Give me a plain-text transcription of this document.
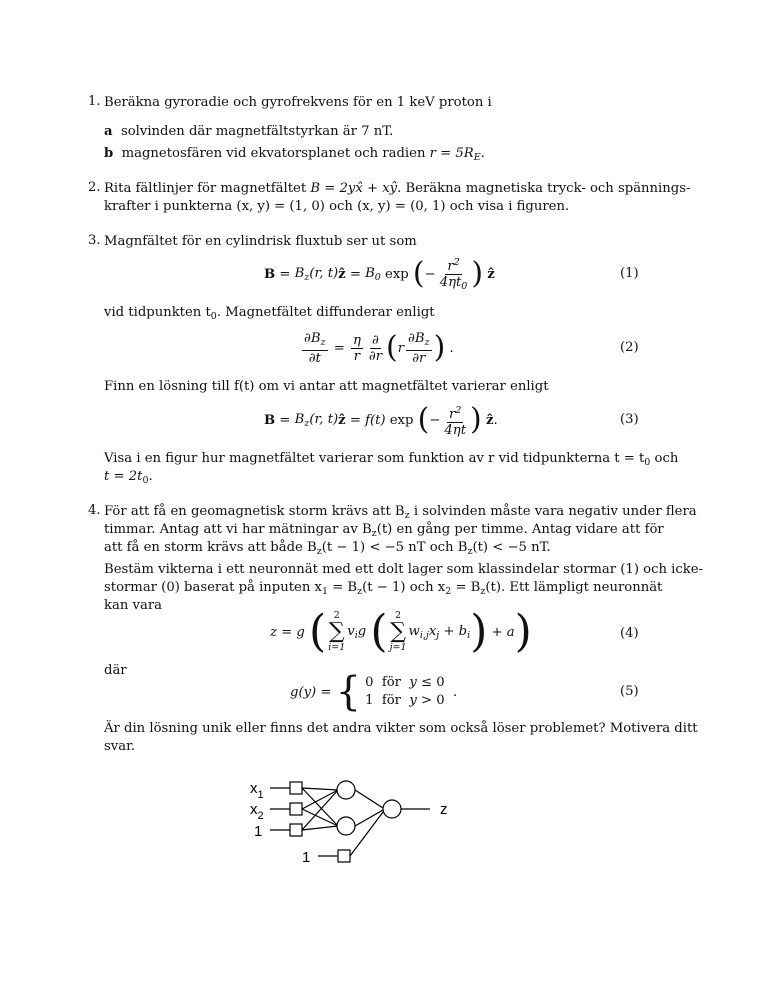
1. Beräkna gyroradie och gyrofrekvens för en 1 keV proton i
a solvinden där magnetfältstyrkan är 7 nT.
b magnetosfären vid ekvatorsplanet och radien $r = 5R_E$.
2. Rita fältlinjer för magnetfältet B = 2yx̂ + xŷ. Beräkna magnetiska tryck- och spännings-
krafter i punkterna (x, y) = (1, 0) och (x, y) = (0, 1) och visa i figuren.
3. Magnfältet för en cylindrisk fluxtub ser ut som
$B = B_z(r$, t) ẑ = $B_0$ exp ( − $\frac{r^2}{4\eta t_0}$ )
ẑ	(1)
vid tidpunkten $t_0$. Magnetfältet diffunderar enligt
$\frac{\partial B_z}{\partial t} = \frac{\eta}{r} \frac{\partial}{\partial r}$ ( r $\frac{\partial B_z}{\partial r}$ ) .	(2)
Finn en lösning till f(t) om vi antar att magnetfältet varierar enligt
$B = B_z(r$, t) ẑ = f(t) exp ( − $\frac{r^2}{4\eta t}$ )
ẑ .	(3)
Visa i en figur hur magnetfältet varierar som funktion av r vid tidpunkterna $t = t_0$ och
$t = 2t_0$.
4. För att få en geomagnetisk storm krävs att $B_z$ i solvinden måste vara negativ under flera
timmar. Antag att vi har mätningar av $B_z(t)$ en gång per timme. Antag vidare att för
att få en storm krävs att både $B_z(t - 1) < -5$ nT och $B_z(t) < -5$ nT.
Bestäm vikterna i ett neuronnät med ett dolt lager som klassindelar stormar (1) och icke-
stormar (0) baserat på inputen $x_1 = B_z(t - 1)$ och $x_2 = B_z(t)$. Ett lämpligt neuronnät
kan vara
z = g
( 2
∑
i=1
$v_ig$
( 2
∑
j=1
$w_{i,j}x_j + b_i$ ) + a )	(4)
där
g(y) = { 0  för y ≤ 0
1  för y > 0
.	(5)
Är din lösning unik eller finns det andra vikter som också löser problemet? Motivera ditt
svar.
$x_1$
$x_2$
1
1
z
